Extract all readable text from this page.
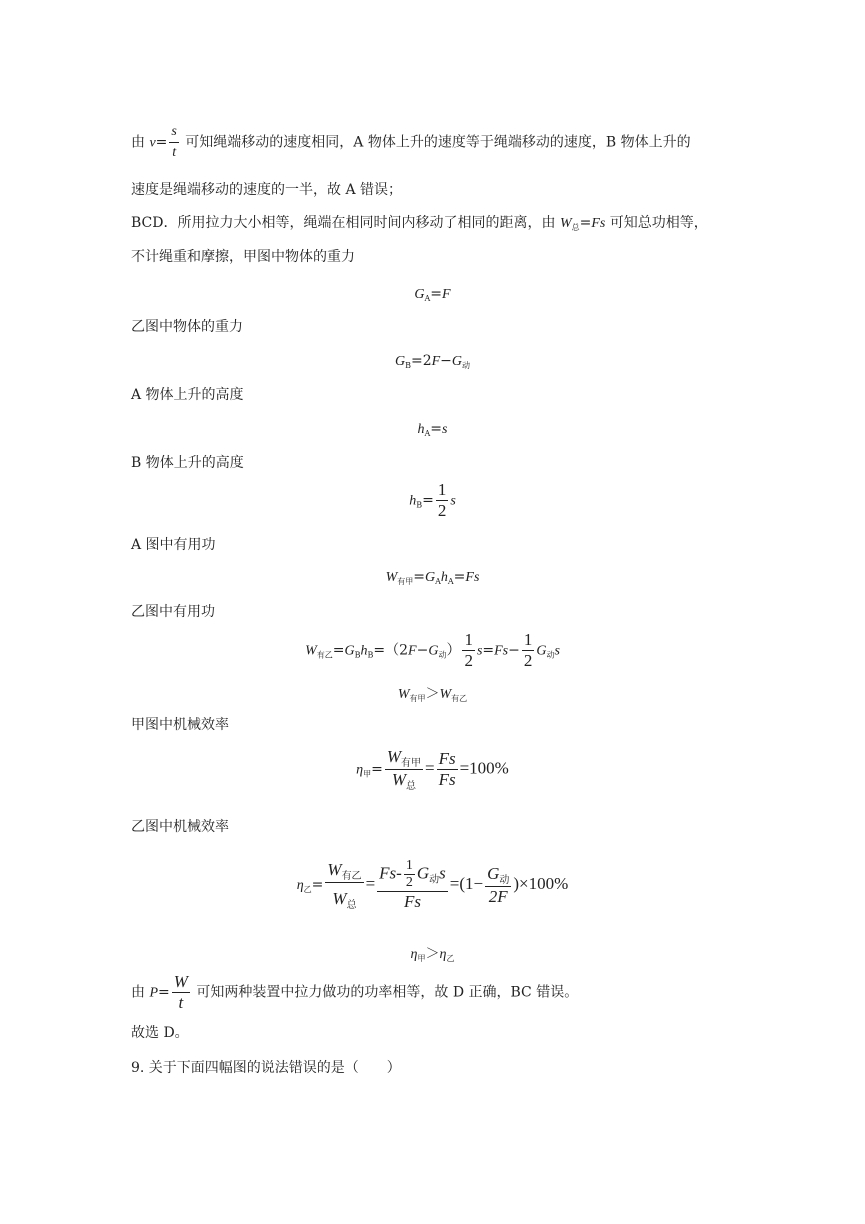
由 $v= \frac{s}{t}$ 可知绳端移动的速度相同，A 物体上升的速度等于绳端移动的速度，B 物体上升的
速度是绳端移动的速度的一半，故 A 错误；
BCD．所用拉力大小相等，绳端在相同时间内移动了相同的距离，由 $W_总=Fs$ 可知总功相等，
不计绳重和摩擦，甲图中物体的重力
$G_A=F$
乙图中物体的重力
$G_B=2F-G_动$
A 物体上升的高度
$h_A=s$
B 物体上升的高度
$h_B= \frac{1}{2}$ s
A 图中有用功
$W_{有甲}=G_Ah_A=Fs$
乙图中有用功
$W_{有乙}=G_Bh_B=(2F-G_动) \frac{1}{2} s=Fs- \frac{1}{2} G_动s$
$W_{有甲}>W_{有乙}$
甲图中机械效率
$\eta_甲= \frac{W_{有甲}}{W_总} = \frac{Fs}{Fs} =100\%$
乙图中机械效率
$\eta_乙= \frac{W_{有乙}}{W_总} = \frac{Fs- \frac{1}{2} G_动s}{Fs} =(1- \frac{G_动}{2F} )\times 100\%$
$\eta_甲>\eta_乙$
由 $P= \frac{W}{t}$ 可知两种装置中拉力做功的功率相等，故 D 正确，BC 错误。
故选 D。
9. 关于下面四幅图的说法错误的是（　　）
